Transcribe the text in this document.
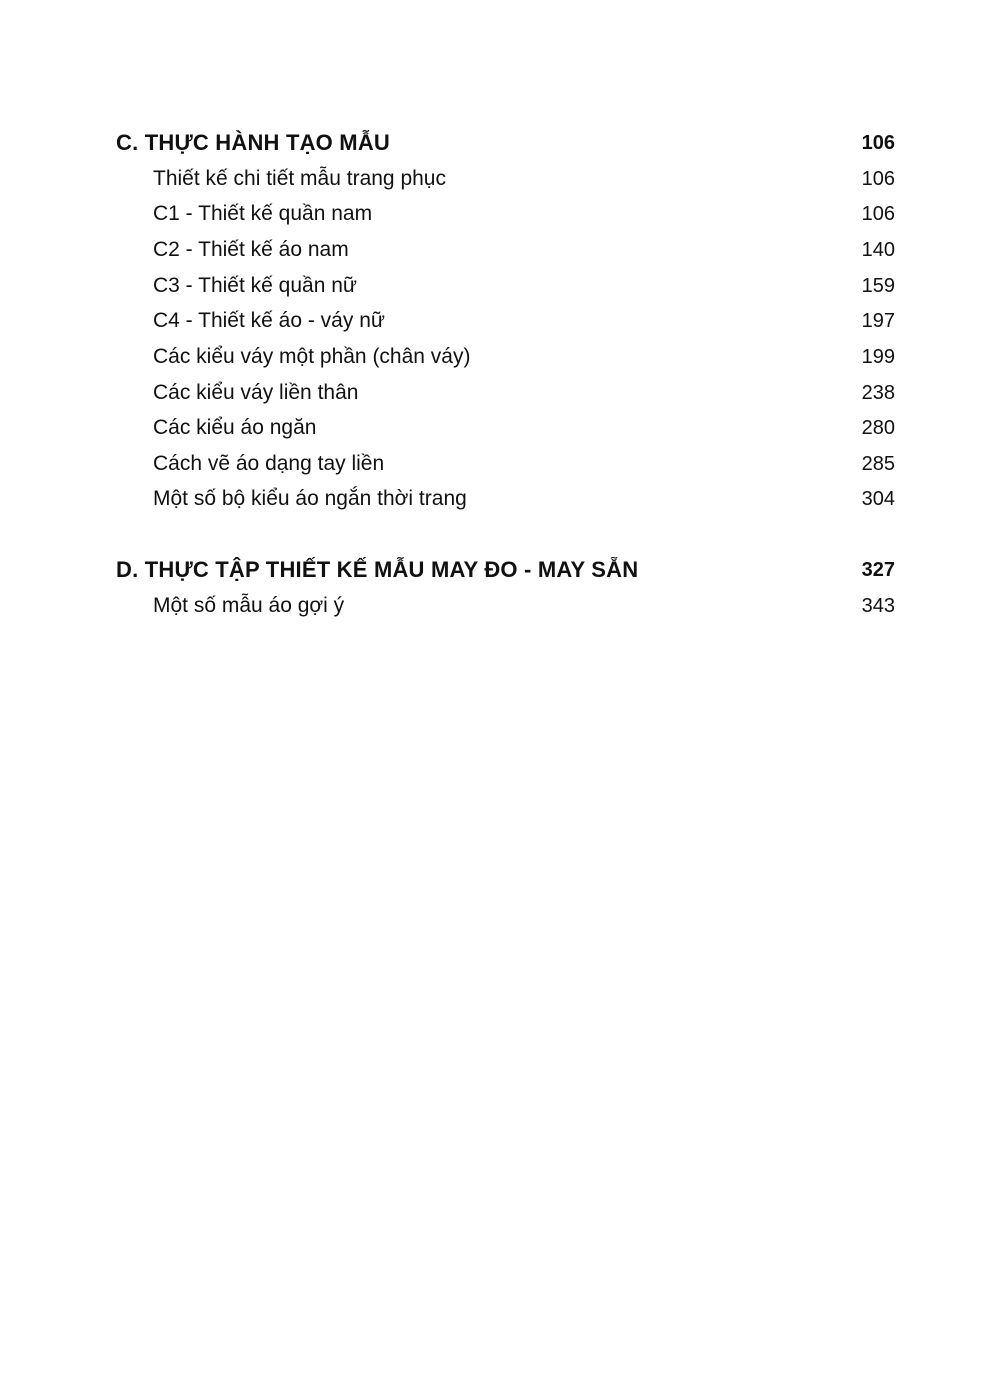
C. THỰC HÀNH TẠO MẪU	106
Thiết kế chi tiết mẫu trang phục	106
C1 - Thiết kế quần nam	106
C2 - Thiết kế áo nam	140
C3 - Thiết kế quần nữ	159
C4 - Thiết kế áo - váy nữ	197
Các kiểu váy một phần (chân váy)	199
Các kiểu váy liền thân	238
Các kiểu áo ngăn	280
Cách vẽ áo dạng tay liền	285
Một số bộ kiểu áo ngắn thời trang	304
D. THỰC TẬP THIẾT KẾ MẪU MAY ĐO - MAY SẴN	327
Một số mẫu áo gợi ý	343
